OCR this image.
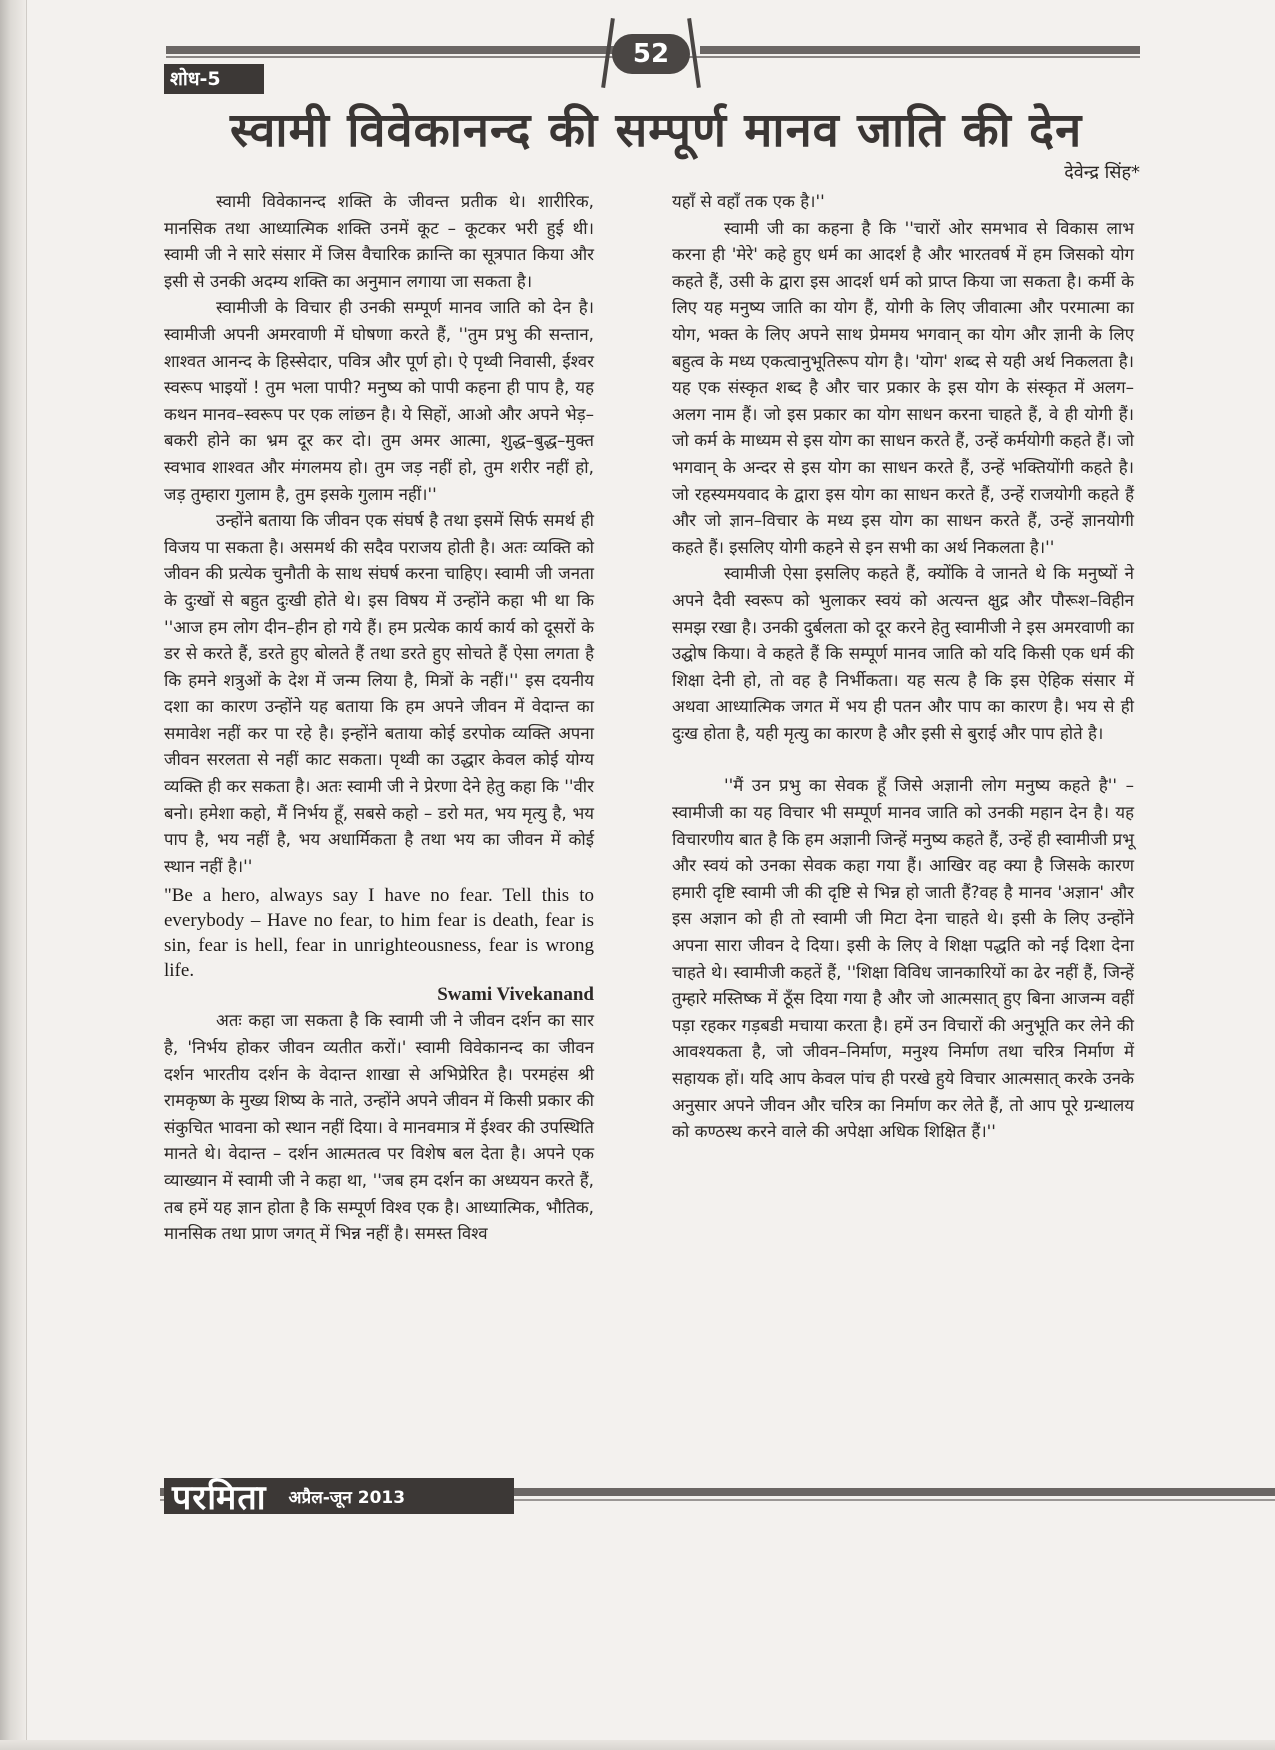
52
शोध-5
स्वामी विवेकानन्द की सम्पूर्ण मानव जाति की देन
देवेन्द्र सिंह*

स्वामी विवेकानन्द शक्ति के जीवन्त प्रतीक थे। शारीरिक, मानसिक तथा आध्यात्मिक शक्ति उनमें कूट – कूटकर भरी हुई थी। स्वामी जी ने सारे संसार में जिस वैचारिक क्रान्ति का सूत्रपात किया और इसी से उनकी अदम्य शक्ति का अनुमान लगाया जा सकता है।

स्वामीजी के विचार ही उनकी सम्पूर्ण मानव जाति को देन है। स्वामीजी अपनी अमरवाणी में घोषणा करते हैं, ''तुम प्रभु की सन्तान, शाश्वत आनन्द के हिस्सेदार, पवित्र और पूर्ण हो। ऐ पृथ्वी निवासी, ईश्वर स्वरूप भाइयों ! तुम भला पापी? मनुष्य को पापी कहना ही पाप है, यह कथन मानव–स्वरूप पर एक लांछन है। ये सिहों, आओ और अपने भेड़–बकरी होने का भ्रम दूर कर दो। तुम अमर आत्मा, शुद्ध–बुद्ध–मुक्त स्वभाव शाश्वत और मंगलमय हो। तुम जड़ नहीं हो, तुम शरीर नहीं हो, जड़ तुम्हारा गुलाम है, तुम इसके गुलाम नहीं।''

उन्होंने बताया कि जीवन एक संघर्ष है तथा इसमें सिर्फ समर्थ ही विजय पा सकता है। असमर्थ की सदैव पराजय होती है। अतः व्यक्ति को जीवन की प्रत्येक चुनौती के साथ संघर्ष करना चाहिए। स्वामी जी जनता के दुःखों से बहुत दुःखी होते थे। इस विषय में उन्होंने कहा भी था कि ''आज हम लोग दीन–हीन हो गये हैं। हम प्रत्येक कार्य कार्य को दूसरों के डर से करते हैं, डरते हुए बोलते हैं तथा डरते हुए सोचते हैं ऐसा लगता है कि हमने शत्रुओं के देश में जन्म लिया है, मित्रों के नहीं।'' इस दयनीय दशा का कारण उन्होंने यह बताया कि हम अपने जीवन में वेदान्त का समावेश नहीं कर पा रहे है। इन्होंने बताया कोई डरपोक व्यक्ति अपना जीवन सरलता से नहीं काट सकता। पृथ्वी का उद्धार केवल कोई योग्य व्यक्ति ही कर सकता है। अतः स्वामी जी ने प्रेरणा देने हेतु कहा कि ''वीर बनो। हमेशा कहो, मैं निर्भय हूँ, सबसे कहो – डरो मत, भय मृत्यु है, भय पाप है, भय नहीं है, भय अधार्मिकता है तथा भय का जीवन में कोई स्थान नहीं है।''

"Be a hero, always say I have no fear. Tell this to everybody – Have no fear, to him fear is death, fear is sin, fear is hell, fear in unrighteousness, fear is wrong life.

Swami Vivekanand

अतः कहा जा सकता है कि स्वामी जी ने जीवन दर्शन का सार है, 'निर्भय होकर जीवन व्यतीत करों।' स्वामी विवेकानन्द का जीवन दर्शन भारतीय दर्शन के वेदान्त शाखा से अभिप्रेरित है। परमहंस श्री रामकृष्ण के मुख्य शिष्य के नाते, उन्होंने अपने जीवन में किसी प्रकार की संकुचित भावना को स्थान नहीं दिया। वे मानवमात्र में ईश्वर की उपस्थिति मानते थे। वेदान्त – दर्शन आत्मतत्व पर विशेष बल देता है। अपने एक व्याख्यान में स्वामी जी ने कहा था, ''जब हम दर्शन का अध्ययन करते हैं, तब हमें यह ज्ञान होता है कि सम्पूर्ण विश्व एक है। आध्यात्मिक, भौतिक, मानसिक तथा प्राण जगत् में भिन्न नहीं है। समस्त विश्व

यहाँ से वहाँ तक एक है।''

स्वामी जी का कहना है कि ''चारों ओर समभाव से विकास लाभ करना ही 'मेरे' कहे हुए धर्म का आदर्श है और भारतवर्ष में हम जिसको योग कहते हैं, उसी के द्वारा इस आदर्श धर्म को प्राप्त किया जा सकता है। कर्मी के लिए यह मनुष्य जाति का योग हैं, योगी के लिए जीवात्मा और परमात्मा का योग, भक्त के लिए अपने साथ प्रेममय भगवान् का योग और ज्ञानी के लिए बहुत्व के मध्य एकत्वानुभूतिरूप योग है। 'योग' शब्द से यही अर्थ निकलता है। यह एक संस्कृत शब्द है और चार प्रकार के इस योग के संस्कृत में अलग–अलग नाम हैं। जो इस प्रकार का योग साधन करना चाहते हैं, वे ही योगी हैं। जो कर्म के माध्यम से इस योग का साधन करते हैं, उन्हें कर्मयोगी कहते हैं। जो भगवान् के अन्दर से इस योग का साधन करते हैं, उन्हें भक्तियोंगी कहते है। जो रहस्यमयवाद के द्वारा इस योग का साधन करते हैं, उन्हें राजयोगी कहते हैं और जो ज्ञान–विचार के मध्य इस योग का साधन करते हैं, उन्हें ज्ञानयोगी कहते हैं। इसलिए योगी कहने से इन सभी का अर्थ निकलता है।''

स्वामीजी ऐसा इसलिए कहते हैं, क्योंकि वे जानते थे कि मनुष्यों ने अपने दैवी स्वरूप को भुलाकर स्वयं को अत्यन्त क्षुद्र और पौरूश–विहीन समझ रखा है। उनकी दुर्बलता को दूर करने हेतु स्वामीजी ने इस अमरवाणी का उद्घोष किया। वे कहते हैं कि सम्पूर्ण मानव जाति को यदि किसी एक धर्म की शिक्षा देनी हो, तो वह है निर्भीकता। यह सत्य है कि इस ऐहिक संसार में अथवा आध्यात्मिक जगत में भय ही पतन और पाप का कारण है। भय से ही दुःख होता है, यही मृत्यु का कारण है और इसी से बुराई और पाप होते है।

''मैं उन प्रभु का सेवक हूँ जिसे अज्ञानी लोग मनुष्य कहते है'' – स्वामीजी का यह विचार भी सम्पूर्ण मानव जाति को उनकी महान देन है। यह विचारणीय बात है कि हम अज्ञानी जिन्हें मनुष्य कहते हैं, उन्हें ही स्वामीजी प्रभू और स्वयं को उनका सेवक कहा गया हैं। आखिर वह क्या है जिसके कारण हमारी दृष्टि स्वामी जी की दृष्टि से भिन्न हो जाती हैं?वह है मानव 'अज्ञान' और इस अज्ञान को ही तो स्वामी जी मिटा देना चाहते थे। इसी के लिए उन्होंने अपना सारा जीवन दे दिया। इसी के लिए वे शिक्षा पद्धति को नई दिशा देना चाहते थे। स्वामीजी कहतें हैं, ''शिक्षा विविध जानकारियों का ढेर नहीं हैं, जिन्हें तुम्हारे मस्तिष्क में ठूँस दिया गया है और जो आत्मसात् हुए बिना आजन्म वहीं पड़ा रहकर गड़बडी मचाया करता है। हमें उन विचारों की अनुभूति कर लेने की आवश्यकता है, जो जीवन–निर्माण, मनुश्य निर्माण तथा चरित्र निर्माण में सहायक हों। यदि आप केवल पांच ही परखे हुये विचार आत्मसात् करके उनके अनुसार अपने जीवन और चरित्र का निर्माण कर लेते हैं, तो आप पूरे ग्रन्थालय को कण्ठस्थ करने वाले की अपेक्षा अधिक शिक्षित हैं।''

परमिता अप्रैल-जून 2013
